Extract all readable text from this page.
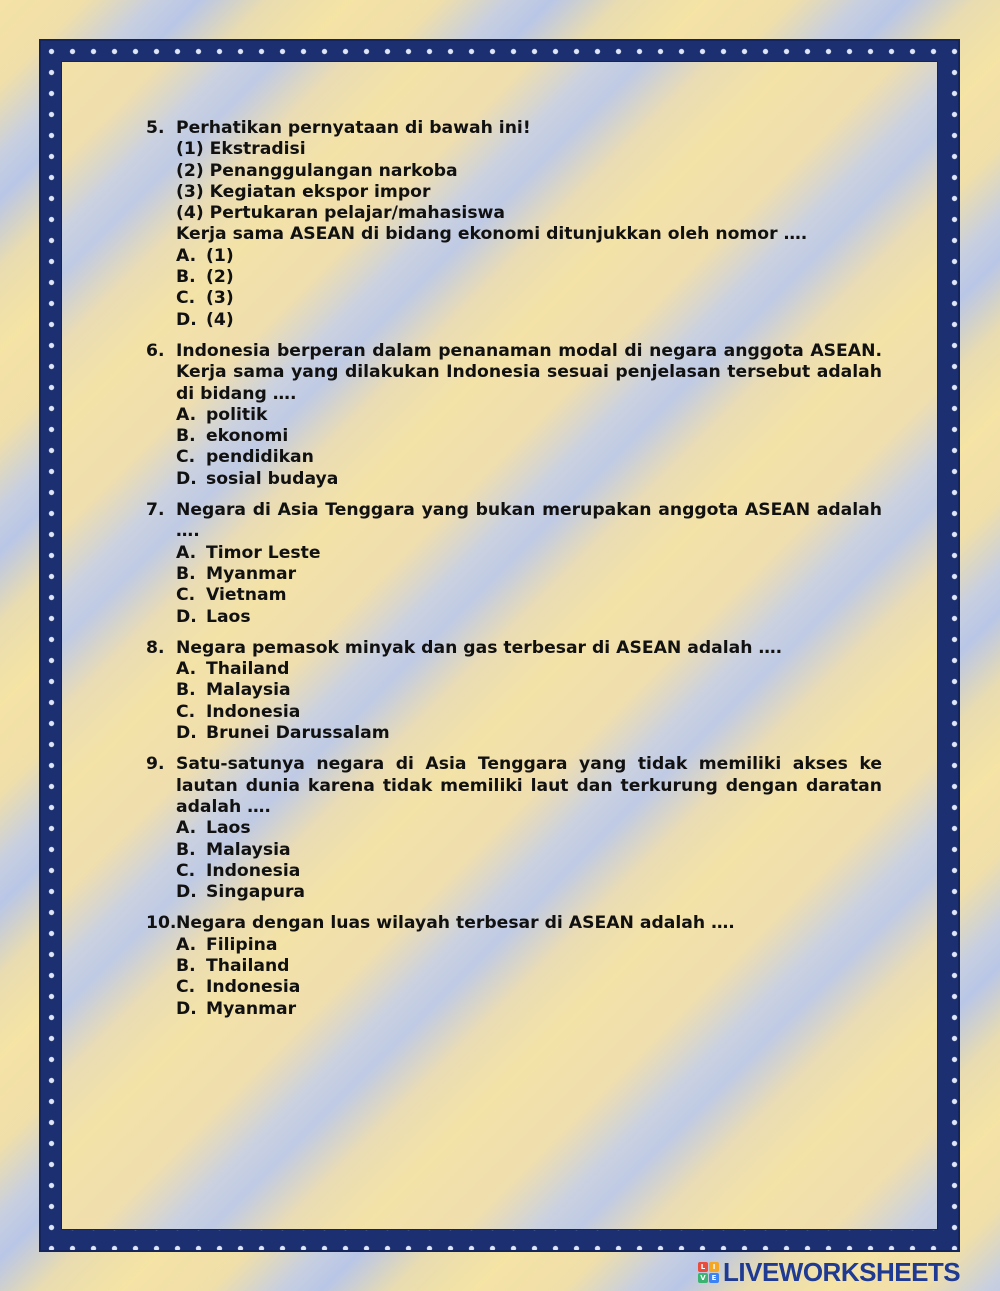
5. Perhatikan pernyataan di bawah ini!
(1) Ekstradisi
(2) Penanggulangan narkoba
(3) Kegiatan ekspor impor
(4) Pertukaran pelajar/mahasiswa
Kerja sama ASEAN di bidang ekonomi ditunjukkan oleh nomor ….
A. (1)
B. (2)
C. (3)
D. (4)
6. Indonesia berperan dalam penanaman modal di negara anggota ASEAN. Kerja sama yang dilakukan Indonesia sesuai penjelasan tersebut adalah di bidang ….
A. politik
B. ekonomi
C. pendidikan
D. sosial budaya
7. Negara di Asia Tenggara yang bukan merupakan anggota ASEAN adalah ….
A. Timor Leste
B. Myanmar
C. Vietnam
D. Laos
8. Negara pemasok minyak dan gas terbesar di ASEAN adalah ….
A. Thailand
B. Malaysia
C. Indonesia
D. Brunei Darussalam
9. Satu-satunya negara di Asia Tenggara yang tidak memiliki akses ke lautan dunia karena tidak memiliki laut dan terkurung dengan daratan adalah ….
A. Laos
B. Malaysia
C. Indonesia
D. Singapura
10. Negara dengan luas wilayah terbesar di ASEAN adalah ….
A. Filipina
B. Thailand
C. Indonesia
D. Myanmar
L	I
V E LIVEWORKSHEETS
